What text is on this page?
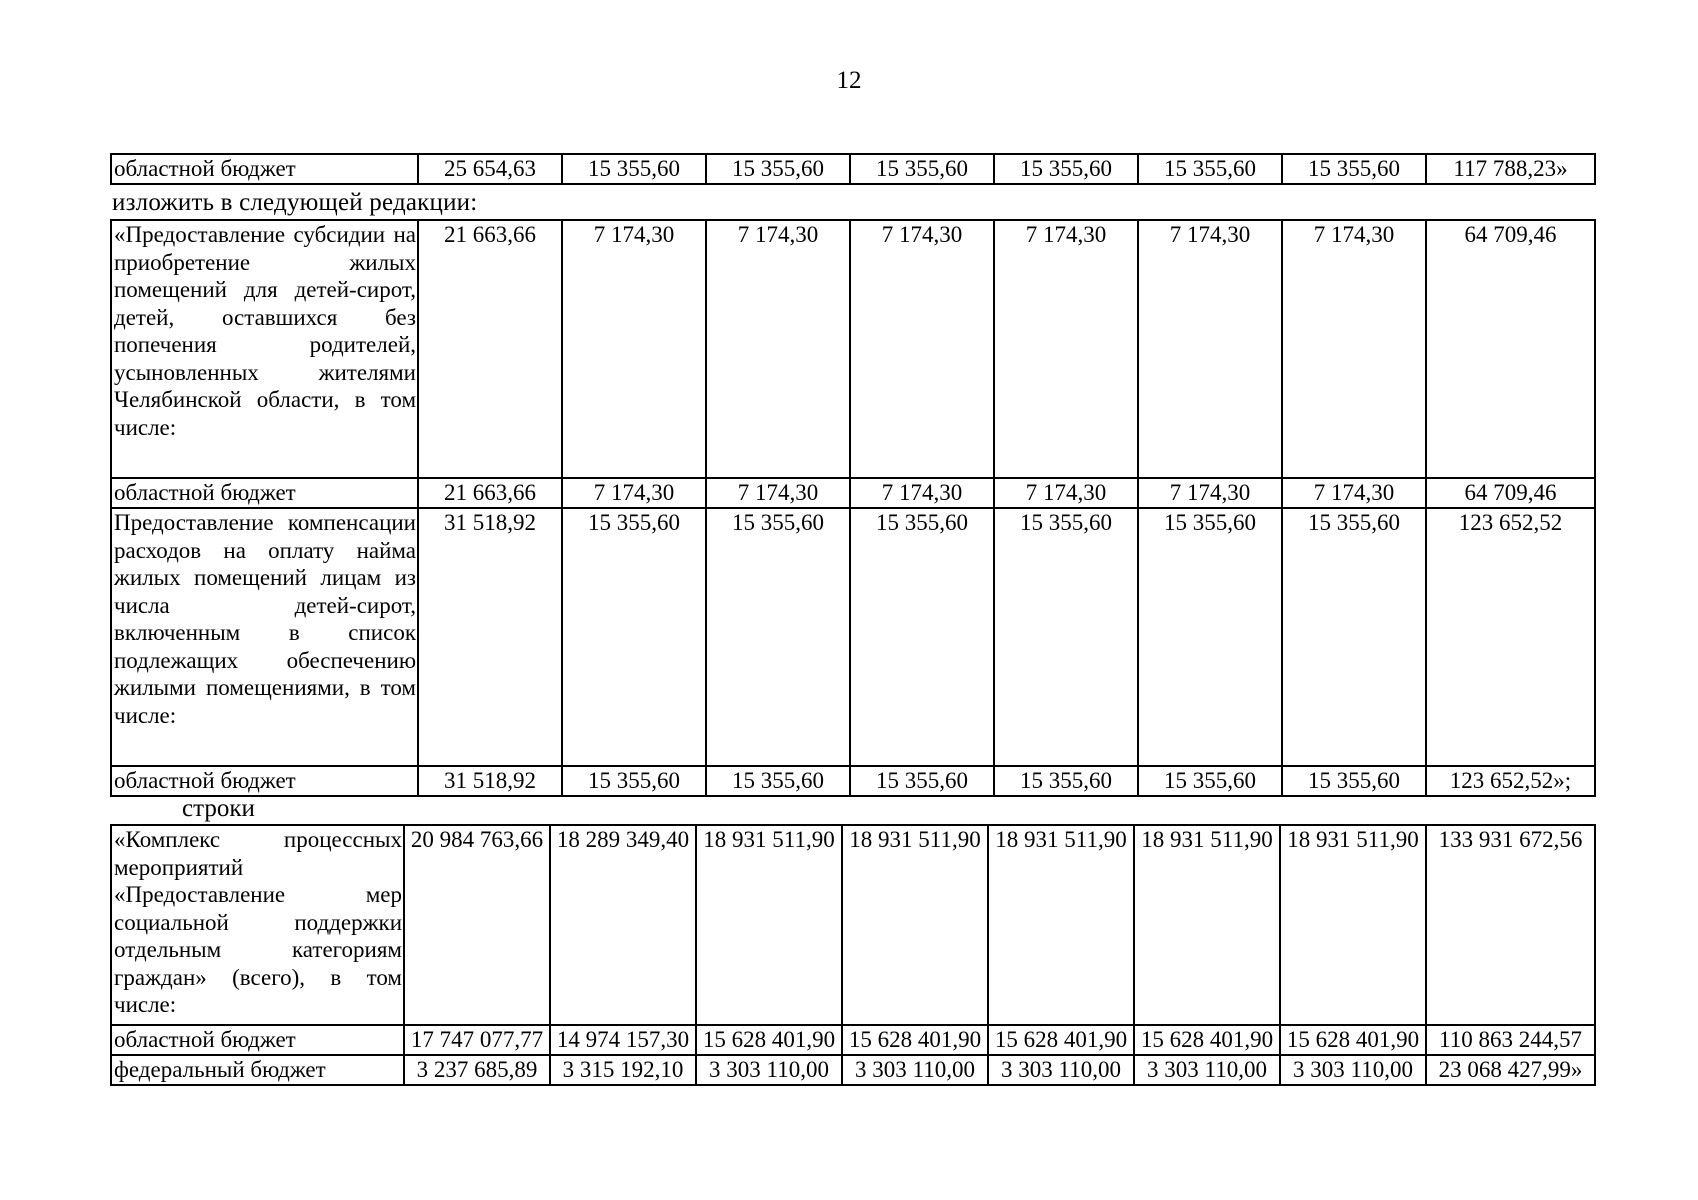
12
областной бюджет	25 654,63	15 355,60	15 355,60	15 355,60	15 355,60	15 355,60	15 355,60	117 788,23»
изложить в следующей редакции:
«Предоставление субсидии на приобретение жилых помещений для детей-сирот, детей, оставшихся без попечения родителей, усыновленных жителями Челябинской области, в том числе:	21 663,66	7 174,30	7 174,30	7 174,30	7 174,30	7 174,30	7 174,30	64 709,46
областной бюджет	21 663,66	7 174,30	7 174,30	7 174,30	7 174,30	7 174,30	7 174,30	64 709,46
Предоставление компенсации расходов на оплату найма жилых помещений лицам из числа детей-сирот, включенным в список подлежащих обеспечению жилыми помещениями, в том числе:	31 518,92	15 355,60	15 355,60	15 355,60	15 355,60	15 355,60	15 355,60	123 652,52
областной бюджет	31 518,92	15 355,60	15 355,60	15 355,60	15 355,60	15 355,60	15 355,60	123 652,52»;
строки
«Комплекс процессных мероприятий «Предоставление мер социальной поддержки отдельным категориям граждан» (всего), в том числе:	20 984 763,66	18 289 349,40	18 931 511,90	18 931 511,90	18 931 511,90	18 931 511,90	18 931 511,90	133 931 672,56
областной бюджет	17 747 077,77	14 974 157,30	15 628 401,90	15 628 401,90	15 628 401,90	15 628 401,90	15 628 401,90	110 863 244,57
федеральный бюджет	3 237 685,89	3 315 192,10	3 303 110,00	3 303 110,00	3 303 110,00	3 303 110,00	3 303 110,00	23 068 427,99»
